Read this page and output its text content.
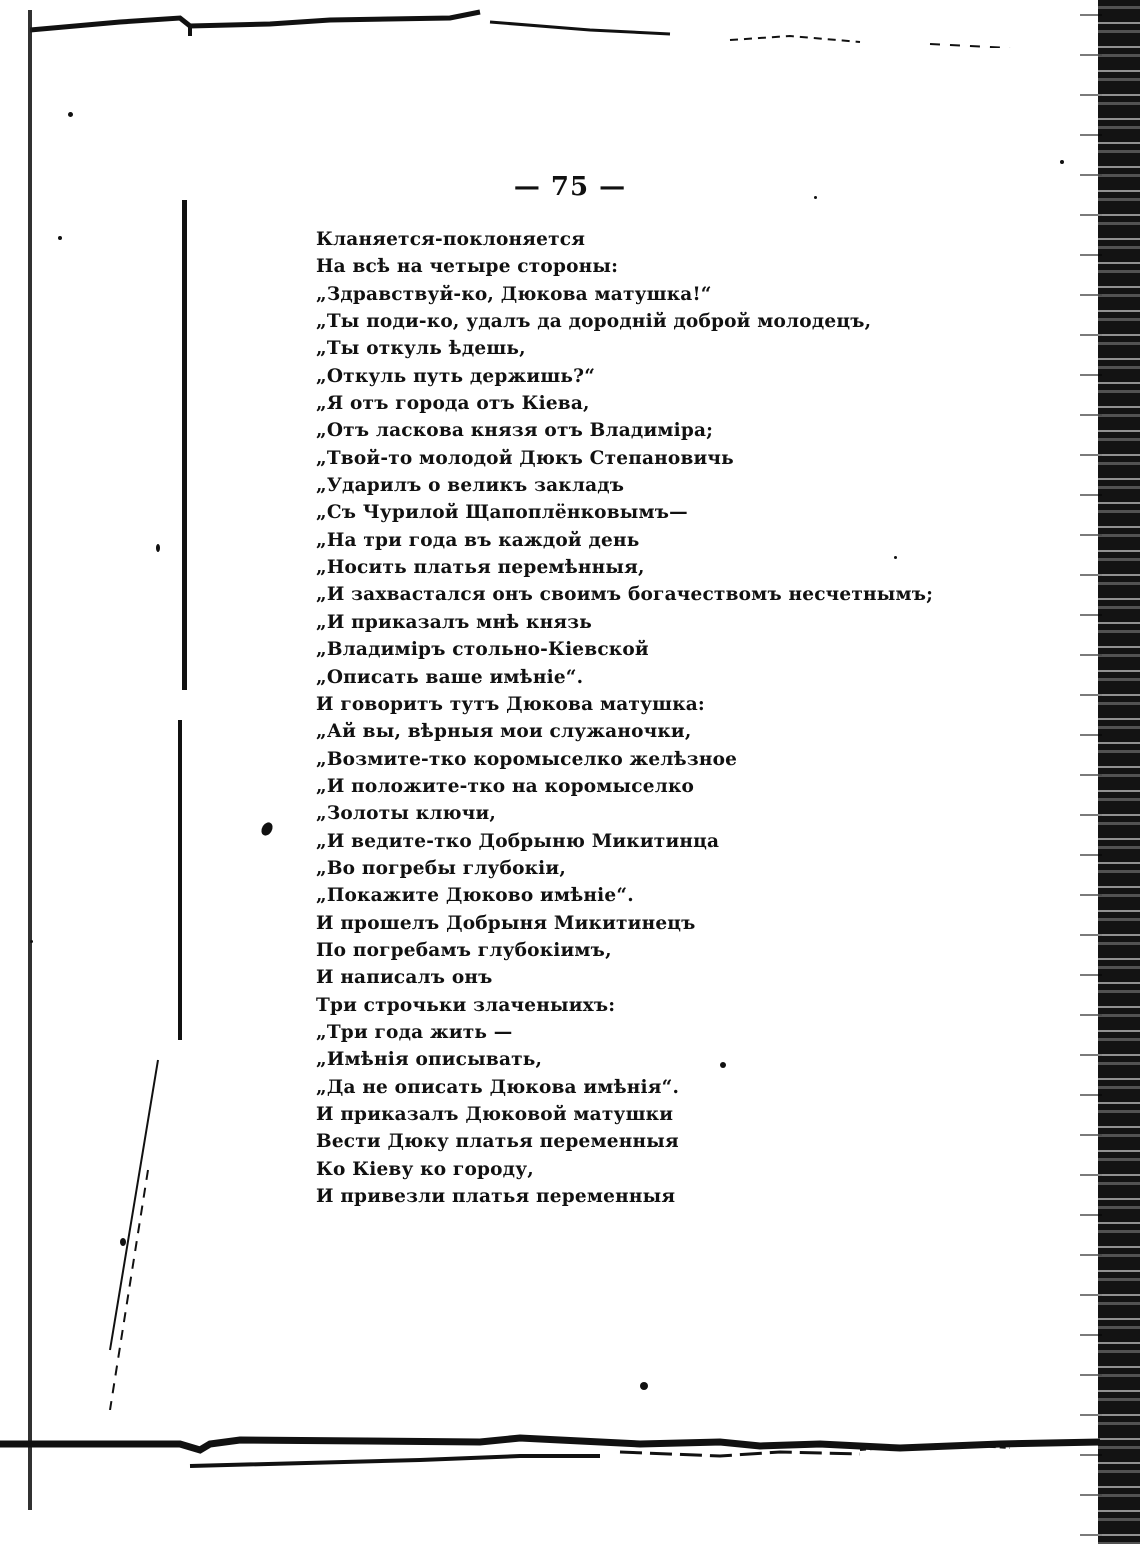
— 75 —
Кланяется-поклоняется
На всѣ на четыре стороны:
„Здравствуй-ко, Дюкова матушка!“
„Ты поди-ко, удалъ да дородній доброй молодецъ,
„Ты откуль ѣдешь,
„Откуль путь держишь?“
„Я отъ города отъ Кіева,
„Отъ ласкова князя отъ Владиміра;
„Твой-то молодой Дюкъ Степановичь
„Ударилъ о великъ закладъ
„Съ Чурилой Щапоплёнковымъ—
„На три года въ каждой день
„Носить платья перемѣнныя,
„И захвастался онъ своимъ богачествомъ несчетнымъ;
„И приказалъ мнѣ князь
„Владиміръ стольно-Кіевской
„Описать ваше имѣніе“.
И говоритъ тутъ Дюкова матушка:
„Ай вы, вѣрныя мои служаночки,
„Возмите-тко коромыселко желѣзное
„И положите-тко на коромыселко
„Золоты ключи,
„И ведите-тко Добрыню Микитинца
„Во погребы глубокіи,
„Покажите Дюково имѣніе“.
И прошелъ Добрыня Микитинецъ
По погребамъ глубокіимъ,
И написалъ онъ
Три строчьки злаченыихъ:
„Три года жить —
„Имѣнія описывать,
„Да не описать Дюкова имѣнія“.
И приказалъ Дюковой матушки
Вести Дюку платья переменныя
Ко Кіеву ко городу,
И привезли платья переменныя
